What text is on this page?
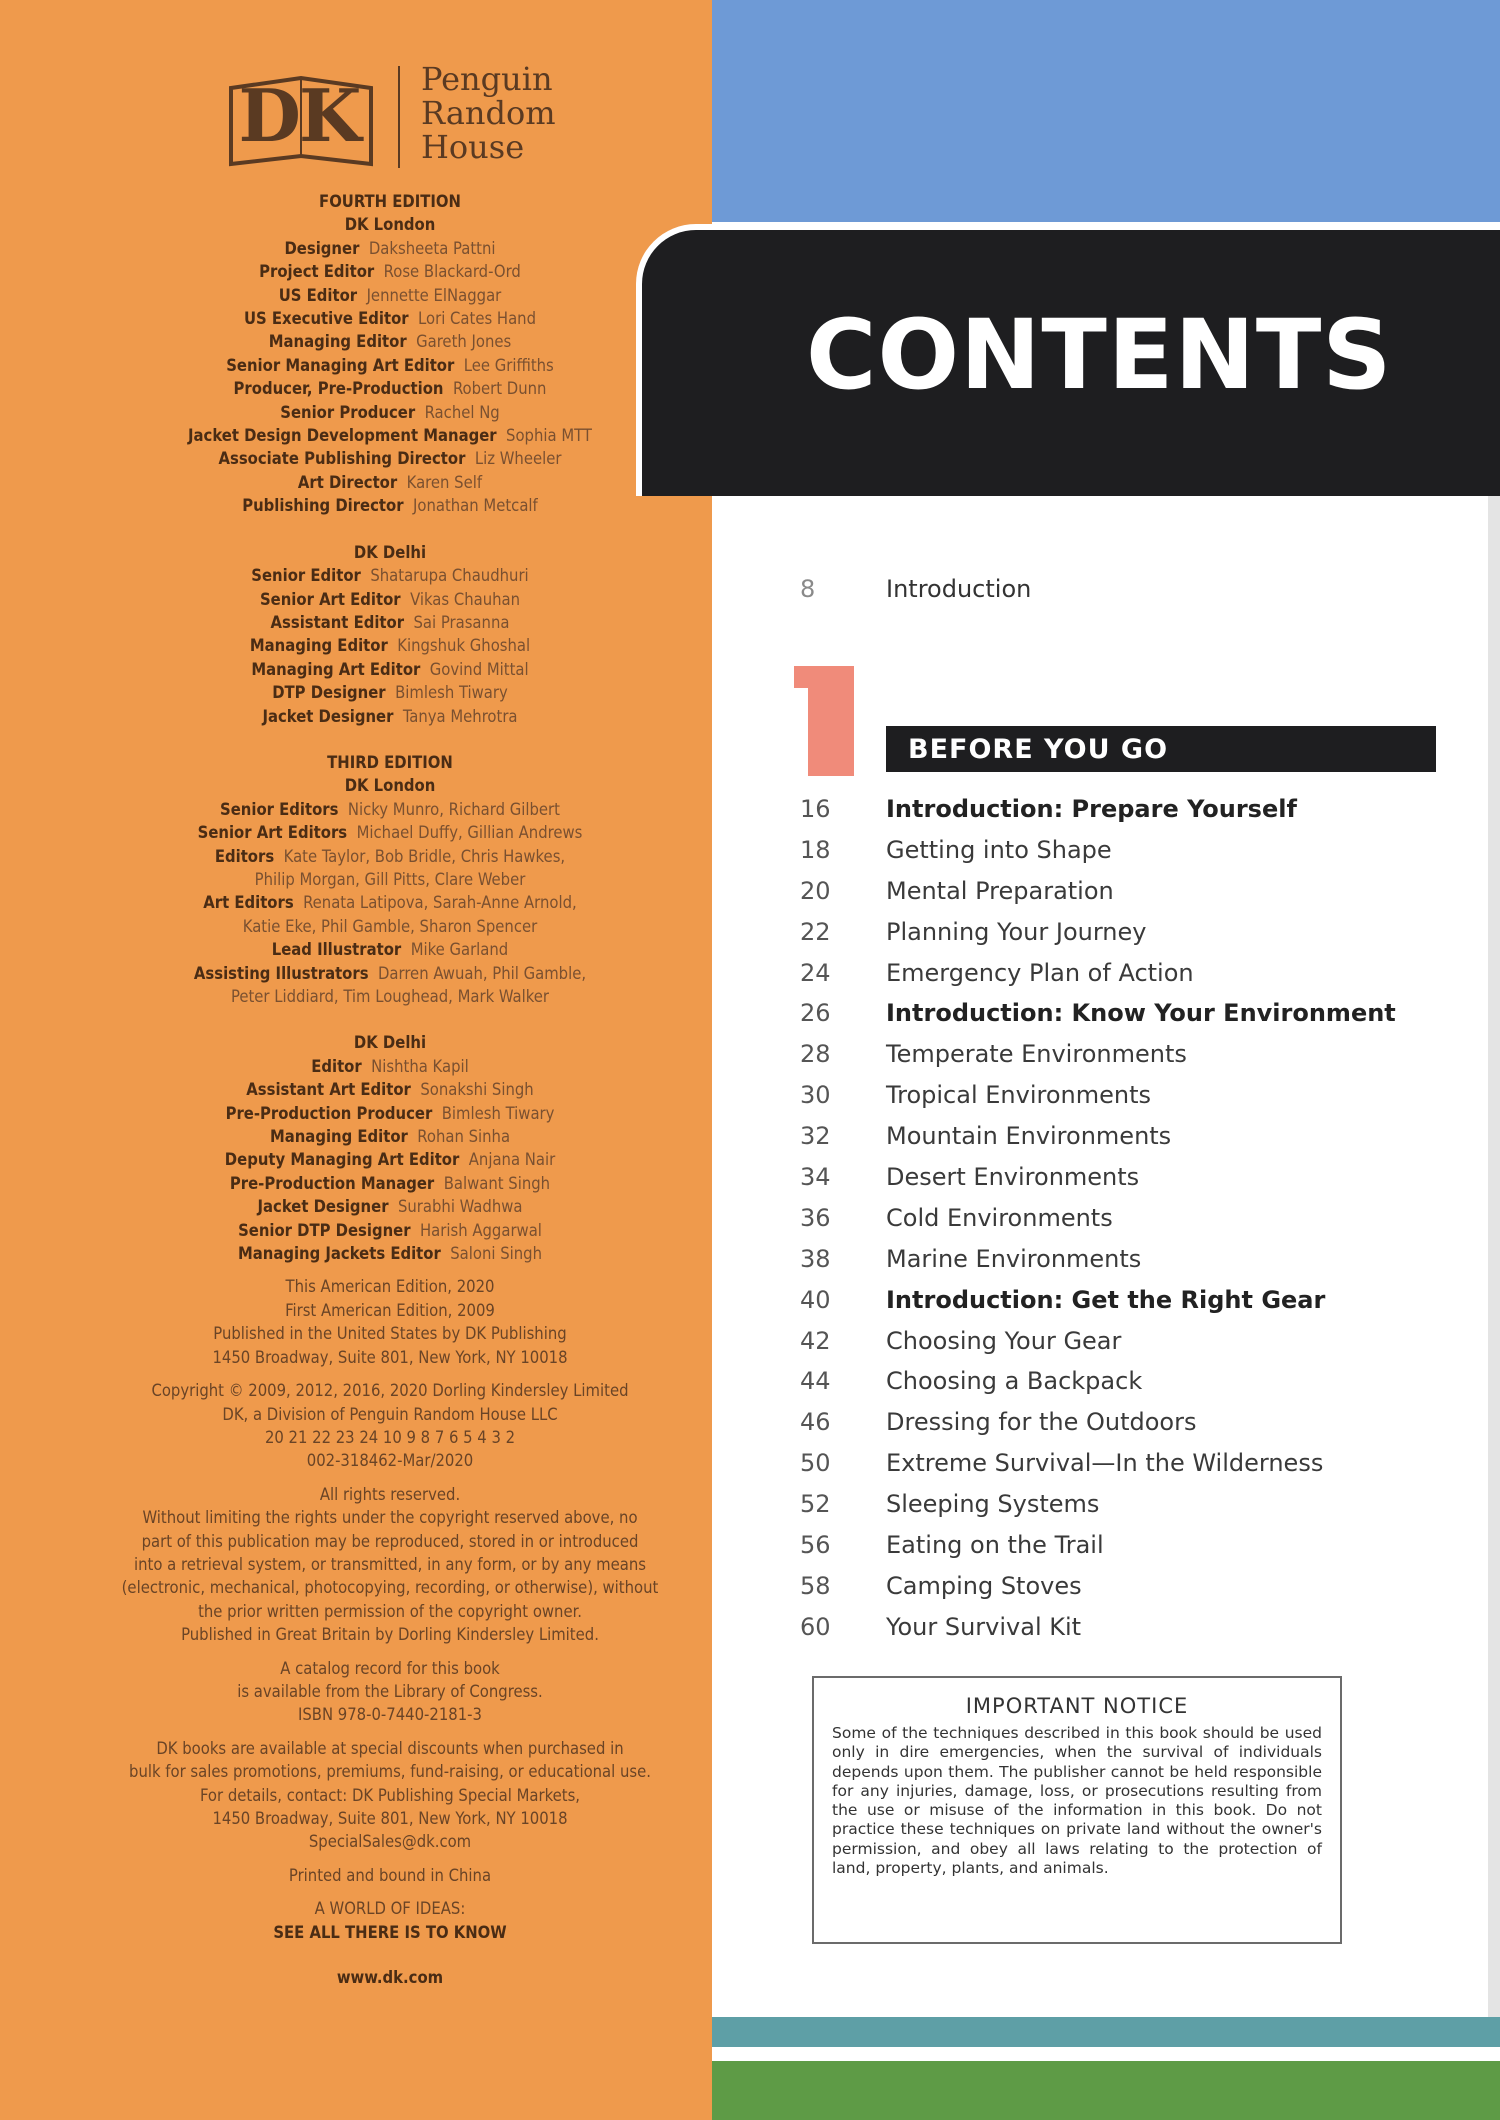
DK	Penguin
Random
House
FOURTH EDITION
DK London
Designer Daksheeta Pattni
Project Editor Rose Blackard-Ord
US Editor Jennette ElNaggar
US Executive Editor Lori Cates Hand
Managing Editor Gareth Jones
Senior Managing Art Editor Lee Griffiths
Producer, Pre-Production Robert Dunn
Senior Producer Rachel Ng
Jacket Design Development Manager Sophia MTT
Associate Publishing Director Liz Wheeler
Art Director Karen Self
Publishing Director Jonathan Metcalf
DK Delhi
Senior Editor Shatarupa Chaudhuri
Senior Art Editor Vikas Chauhan
Assistant Editor Sai Prasanna
Managing Editor Kingshuk Ghoshal
Managing Art Editor Govind Mittal
DTP Designer Bimlesh Tiwary
Jacket Designer Tanya Mehrotra
THIRD EDITION
DK London
Senior Editors Nicky Munro, Richard Gilbert
Senior Art Editors Michael Duffy, Gillian Andrews
Editors Kate Taylor, Bob Bridle, Chris Hawkes,
Philip Morgan, Gill Pitts, Clare Weber
Art Editors Renata Latipova, Sarah-Anne Arnold,
Katie Eke, Phil Gamble, Sharon Spencer
Lead Illustrator Mike Garland
Assisting Illustrators Darren Awuah, Phil Gamble,
Peter Liddiard, Tim Loughead, Mark Walker
DK Delhi
Editor Nishtha Kapil
Assistant Art Editor Sonakshi Singh
Pre-Production Producer Bimlesh Tiwary
Managing Editor Rohan Sinha
Deputy Managing Art Editor Anjana Nair
Pre-Production Manager Balwant Singh
Jacket Designer Surabhi Wadhwa
Senior DTP Designer Harish Aggarwal
Managing Jackets Editor Saloni Singh
This American Edition, 2020
First American Edition, 2009
Published in the United States by DK Publishing
1450 Broadway, Suite 801, New York, NY 10018
Copyright © 2009, 2012, 2016, 2020 Dorling Kindersley Limited
DK, a Division of Penguin Random House LLC
20 21 22 23 24 10 9 8 7 6 5 4 3 2
002-318462-Mar/2020
All rights reserved.
Without limiting the rights under the copyright reserved above, no
part of this publication may be reproduced, stored in or introduced
into a retrieval system, or transmitted, in any form, or by any means
(electronic, mechanical, photocopying, recording, or otherwise), without
the prior written permission of the copyright owner.
Published in Great Britain by Dorling Kindersley Limited.
A catalog record for this book
is available from the Library of Congress.
ISBN 978-0-7440-2181-3
DK books are available at special discounts when purchased in
bulk for sales promotions, premiums, fund-raising, or educational use.
For details, contact: DK Publishing Special Markets,
1450 Broadway, Suite 801, New York, NY 10018
SpecialSales@dk.com
Printed and bound in China
A WORLD OF IDEAS:
SEE ALL THERE IS TO KNOW
www.dk.com
CONTENTS
8	Introduction
BEFORE YOU GO
16	Introduction: Prepare Yourself
18	Getting into Shape
20	Mental Preparation
22	Planning Your Journey
24	Emergency Plan of Action
26	Introduction: Know Your Environment
28	Temperate Environments
30	Tropical Environments
32	Mountain Environments
34	Desert Environments
36	Cold Environments
38	Marine Environments
40	Introduction: Get the Right Gear
42	Choosing Your Gear
44	Choosing a Backpack
46	Dressing for the Outdoors
50	Extreme Survival—In the Wilderness
52	Sleeping Systems
56	Eating on the Trail
58	Camping Stoves
60	Your Survival Kit
IMPORTANT NOTICE
Some of the techniques described in this book should be used only in dire emergencies, when the survival of individuals depends upon them. The publisher cannot be held responsible for any injuries, damage, loss, or prosecutions resulting from the use or misuse of the information in this book. Do not practice these techniques on private land without the owner's permission, and obey all laws relating to the protection of land, property, plants, and animals.
